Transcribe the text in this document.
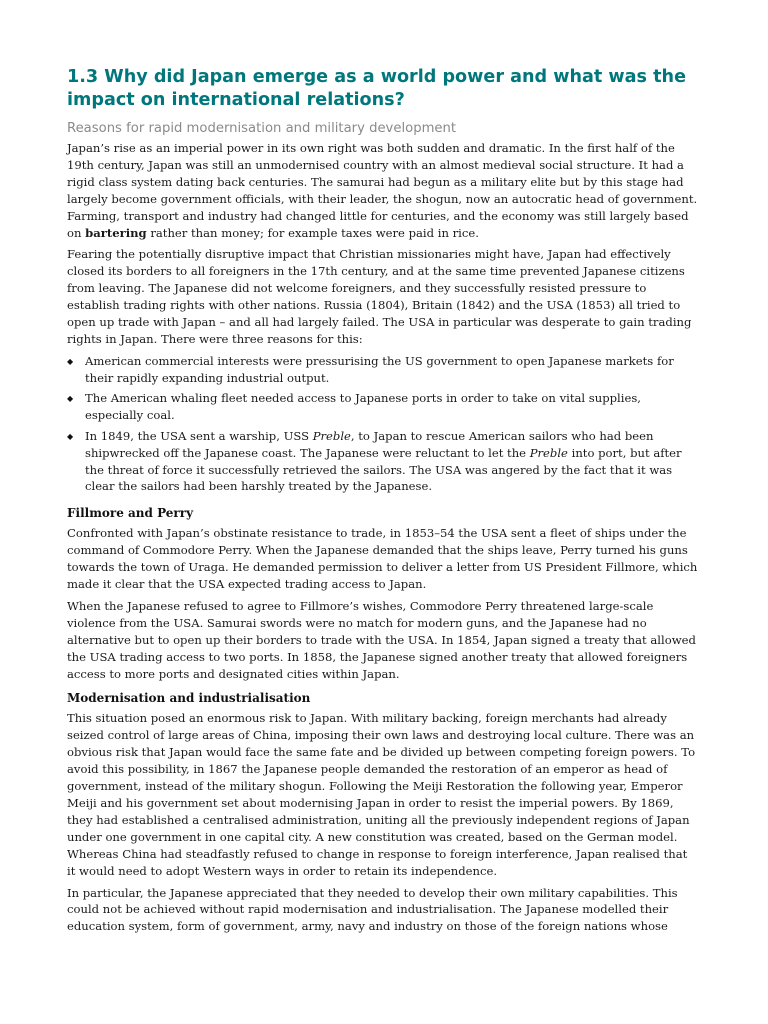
1.3 Why did Japan emerge as a world power and what was the impact on international relations?
Reasons for rapid modernisation and military development

Japan’s rise as an imperial power in its own right was both sudden and dramatic. In the first half of the 19th century, Japan was still an unmodernised country with an almost medieval social structure. It had a rigid class system dating back centuries. The samurai had begun as a military elite but by this stage had largely become government officials, with their leader, the shogun, now an autocratic head of government. Farming, transport and industry had changed little for centuries, and the economy was still largely based on bartering rather than money; for example taxes were paid in rice.

Fearing the potentially disruptive impact that Christian missionaries might have, Japan had effectively closed its borders to all foreigners in the 17th century, and at the same time prevented Japanese citizens from leaving. The Japanese did not welcome foreigners, and they successfully resisted pressure to establish trading rights with other nations. Russia (1804), Britain (1842) and the USA (1853) all tried to open up trade with Japan – and all had largely failed. The USA in particular was desperate to gain trading rights in Japan. There were three reasons for this:

◆ American commercial interests were pressurising the US government to open Japanese markets for their rapidly expanding industrial output.
◆ The American whaling fleet needed access to Japanese ports in order to take on vital supplies, especially coal.
◆ In 1849, the USA sent a warship, USS Preble, to Japan to rescue American sailors who had been shipwrecked off the Japanese coast. The Japanese were reluctant to let the Preble into port, but after the threat of force it successfully retrieved the sailors. The USA was angered by the fact that it was clear the sailors had been harshly treated by the Japanese.
Fillmore and Perry

Confronted with Japan’s obstinate resistance to trade, in 1853–54 the USA sent a fleet of ships under the command of Commodore Perry. When the Japanese demanded that the ships leave, Perry turned his guns towards the town of Uraga. He demanded permission to deliver a letter from US President Fillmore, which made it clear that the USA expected trading access to Japan.

When the Japanese refused to agree to Fillmore’s wishes, Commodore Perry threatened large-scale violence from the USA. Samurai swords were no match for modern guns, and the Japanese had no alternative but to open up their borders to trade with the USA. In 1854, Japan signed a treaty that allowed the USA trading access to two ports. In 1858, the Japanese signed another treaty that allowed foreigners access to more ports and designated cities within Japan.

Modernisation and industrialisation

This situation posed an enormous risk to Japan. With military backing, foreign merchants had already seized control of large areas of China, imposing their own laws and destroying local culture. There was an obvious risk that Japan would face the same fate and be divided up between competing foreign powers. To avoid this possibility, in 1867 the Japanese people demanded the restoration of an emperor as head of government, instead of the military shogun. Following the Meiji Restoration the following year, Emperor Meiji and his government set about modernising Japan in order to resist the imperial powers. By 1869, they had established a centralised administration, uniting all the previously independent regions of Japan under one government in one capital city. A new constitution was created, based on the German model. Whereas China had steadfastly refused to change in response to foreign interference, Japan realised that it would need to adopt Western ways in order to retain its independence.

In particular, the Japanese appreciated that they needed to develop their own military capabilities. This could not be achieved without rapid modernisation and industrialisation. The Japanese modelled their education system, form of government, army, navy and industry on those of the foreign nations whose
